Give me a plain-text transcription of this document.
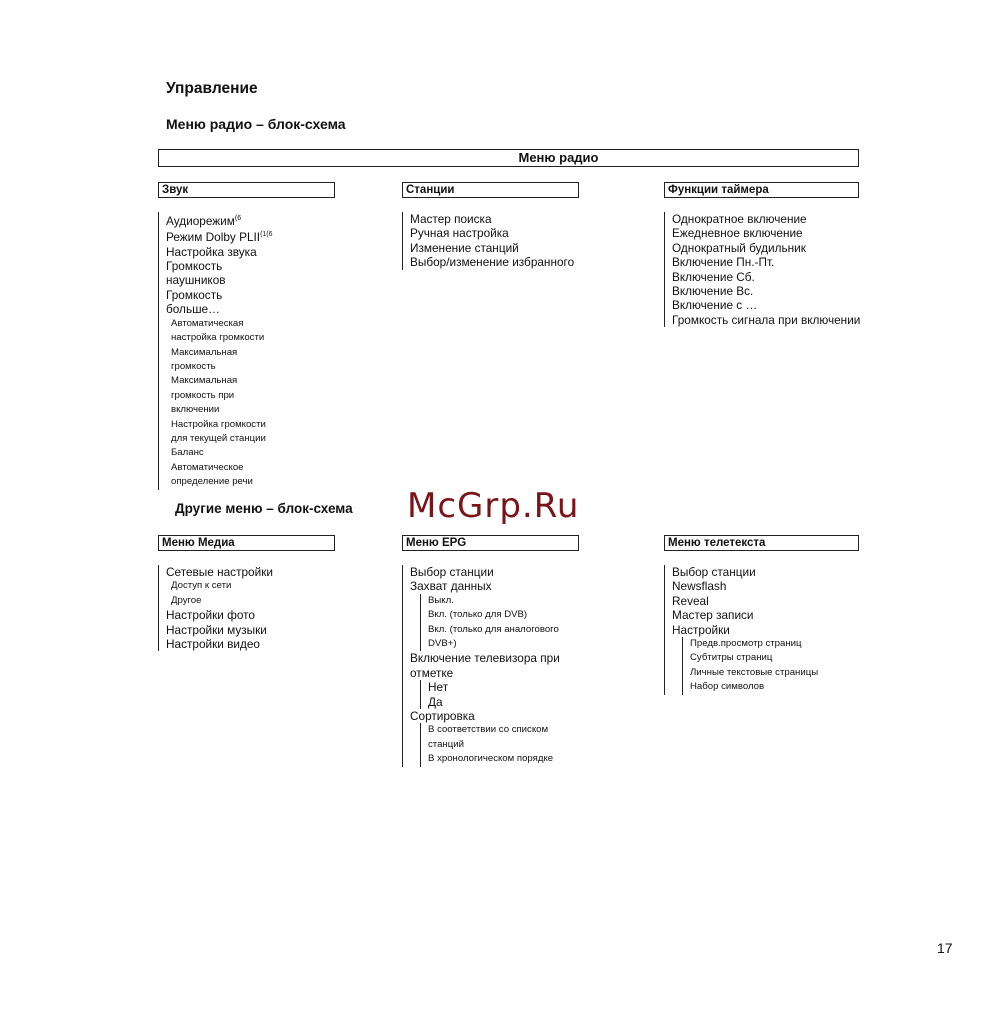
Управление
Меню радио – блок-схема
Меню радио
Звук
Аудиорежим$^{(6}$
Режим Dolby $PLII^{(1(6}$
Настройка звука
Громкость
наушников
Громкость
больше…
Автоматическая
настройка громкости
Максимальная
громкость
Максимальная
громкость при
включении
Настройка громкости
для текущей станции
Баланс
Автоматическое
определение речи
Станции
Мастер поиска
Ручная настройка
Изменение станций
Выбор/изменение избранного
Функции таймера
Однократное включение
Ежедневное включение
Однократный будильник
Включение Пн.-Пт.
Включение Сб.
Включение Вс.
Включение с …
Громкость сигнала при включении
Другие меню – блок-схема McGrp.Ru
Меню Медиа
Сетевые настройки
Доступ к сети
Другое
Настройки фото
Настройки музыки
Настройки видео
Меню EPG
Выбор станции
Захват данных
Выкл.
Вкл. (только для DVB)
Вкл. (только для аналогового
DVB+)
Включение телевизора при
отметке
Нет
Да
Сортировка
В соответствии со списком
станций
В хронологическом порядке
Меню телетекста
Выбор станции
Newsflash
Reveal
Мастер записи
Настройки
Предв.просмотр страниц
Субтитры страниц
Личные текстовые страницы
Набор символов
17
